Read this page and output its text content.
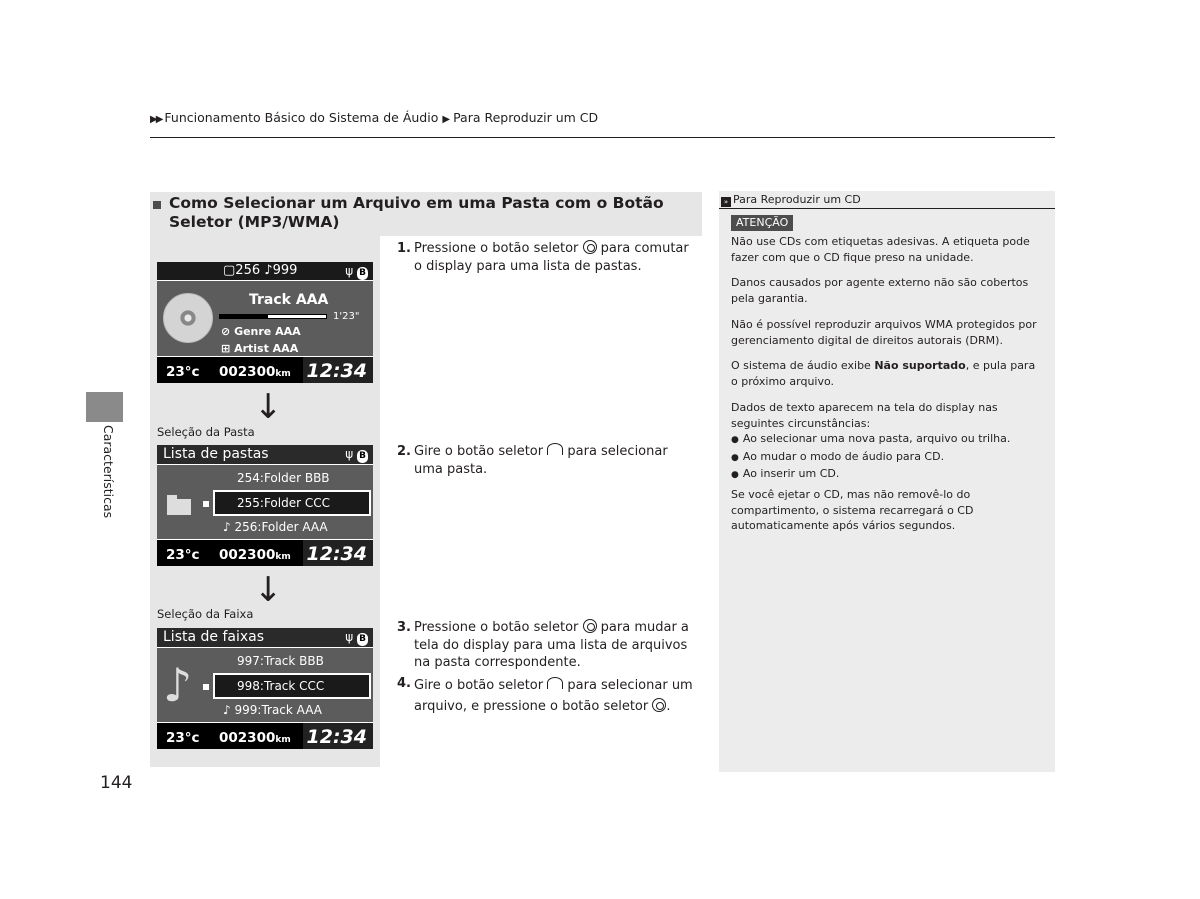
▶▶ Funcionamento Básico do Sistema de Áudio ▶ Para Reproduzir um CD
Características
144
Como Selecionar um Arquivo em uma Pasta com o Botão Seletor (MP3/WMA)
▢256 ♪999	ψ B
Track AAA
1'23"
⊘ Genre AAA
⊞ Artist AAA
23°c 002300km 12:34
↓
Seleção da Pasta
Lista de pastas	ψ B
254:Folder BBB
255:Folder CCC
♪ 256:Folder AAA
23°c 002300km 12:34
↓
Seleção da Faixa
Lista de faixas	ψ B
♪	997:Track BBB
998:Track CCC
♪ 999:Track AAA
23°c 002300km 12:34
1. Pressione o botão seletor para comutar o display para uma lista de pastas.
2. Gire o botão seletor para selecionar uma pasta.
3. Pressione o botão seletor para mudar a tela do display para uma lista de arquivos na pasta correspondente.
4. Gire o botão seletor para selecionar um arquivo, e pressione o botão seletor .
» Para Reproduzir um CD
ATENÇÃO
Não use CDs com etiquetas adesivas. A etiqueta pode fazer com que o CD fique preso na unidade.
Danos causados por agente externo não são cobertos pela garantia.
Não é possível reproduzir arquivos WMA protegidos por gerenciamento digital de direitos autorais (DRM).
O sistema de áudio exibe Não suportado, e pula para o próximo arquivo.
Dados de texto aparecem na tela do display nas seguintes circunstâncias:
● Ao selecionar uma nova pasta, arquivo ou trilha.
● Ao mudar o modo de áudio para CD.
● Ao inserir um CD.
Se você ejetar o CD, mas não removê-lo do compartimento, o sistema recarregará o CD automaticamente após vários segundos.
